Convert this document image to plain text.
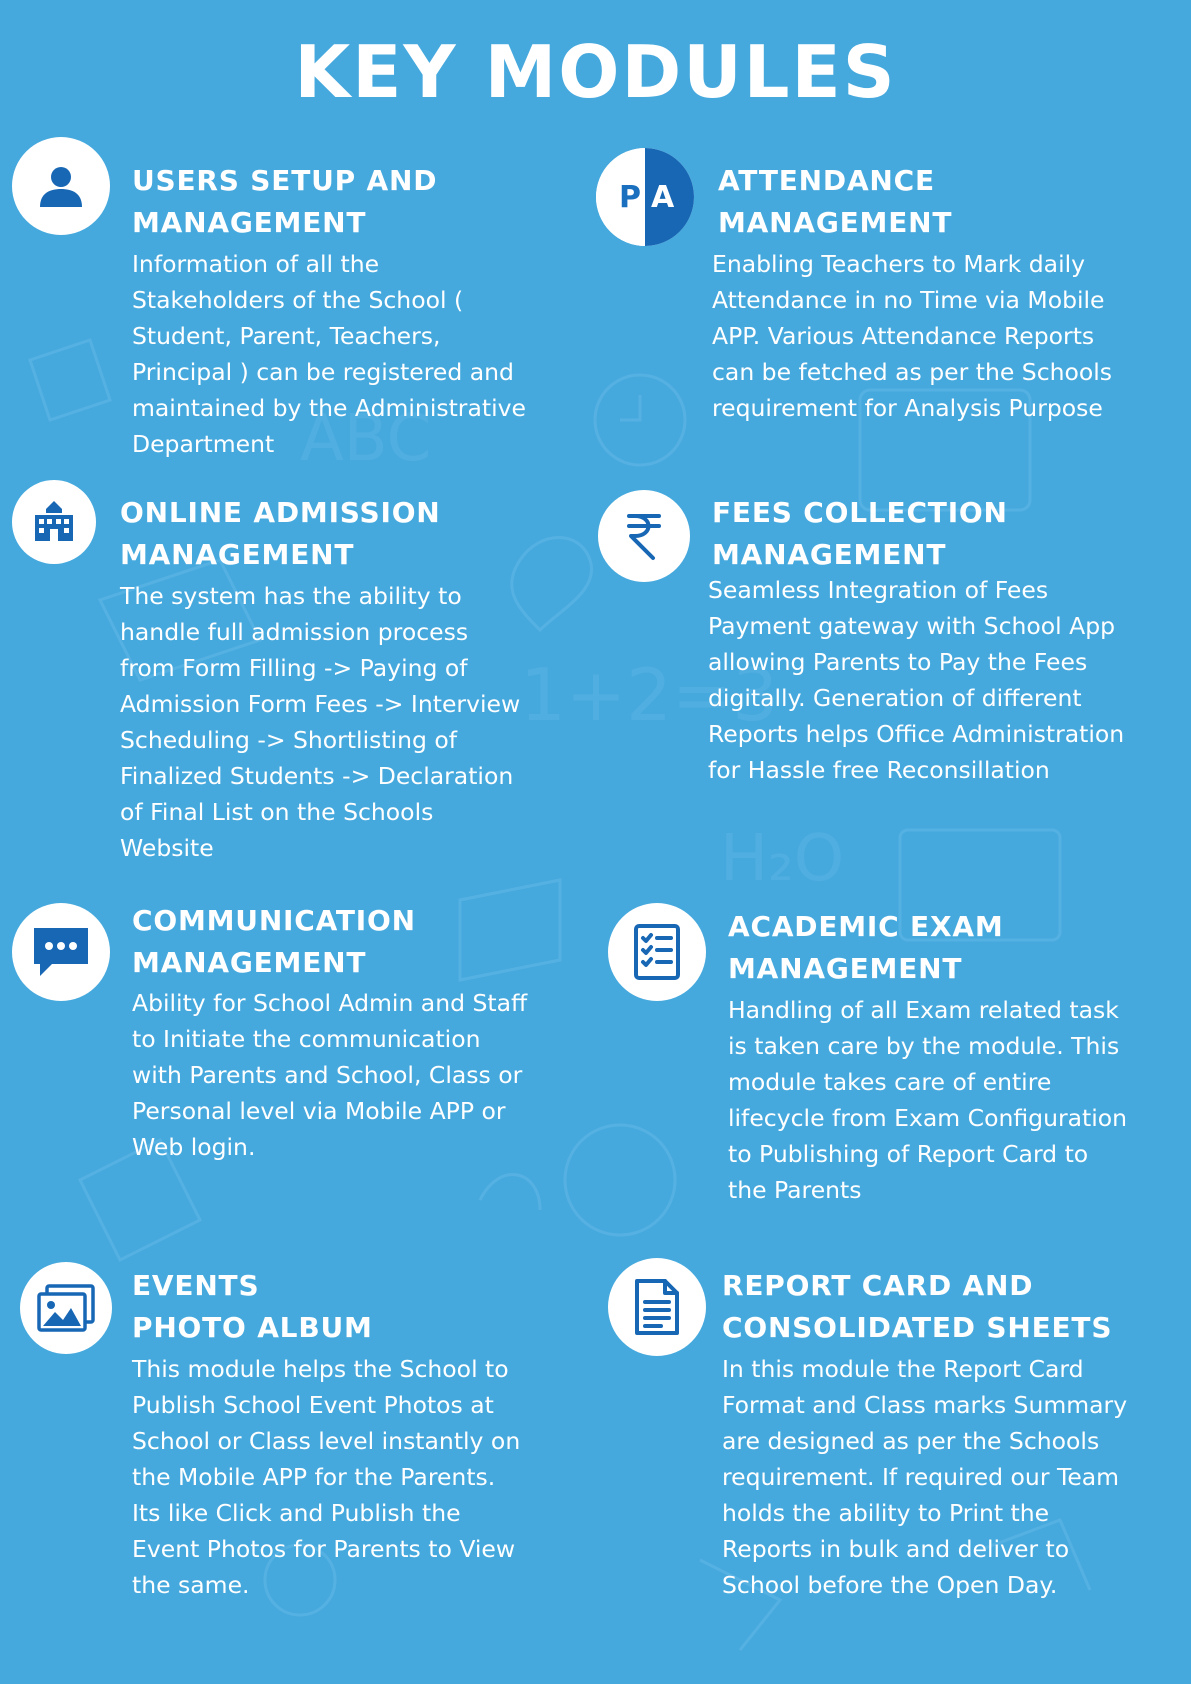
1+2=3
H₂O
ABC
KEY MODULES
USERS SETUP AND
MANAGEMENT

Information of all the
Stakeholders of the School (
Student, Parent, Teachers,
Principal ) can be registered and
maintained by the Administrative
Department

P A	ATTENDANCE
MANAGEMENT

Enabling Teachers to Mark daily
Attendance in no Time via Mobile
APP. Various Attendance Reports
can be fetched as per the Schools
requirement for Analysis Purpose

ONLINE ADMISSION
MANAGEMENT

The system has the ability to
handle full admission process
from Form Filling -> Paying of
Admission Form Fees -> Interview
Scheduling -> Shortlisting of
Finalized Students -> Declaration
of Final List on the Schools
Website

FEES COLLECTION
MANAGEMENT

Seamless Integration of Fees
Payment gateway with School App
allowing Parents to Pay the Fees
digitally. Generation of different
Reports helps Office Administration
for Hassle free Reconsillation

COMMUNICATION
MANAGEMENT

Ability for School Admin and Staff
to Initiate the communication
with Parents and School, Class or
Personal level via Mobile APP or
Web login.

ACADEMIC EXAM
MANAGEMENT

Handling of all Exam related task
is taken care by the module. This
module takes care of entire
lifecycle from Exam Configuration
to Publishing of Report Card to
the Parents

EVENTS
PHOTO ALBUM

This module helps the School to
Publish School Event Photos at
School or Class level instantly on
the Mobile APP for the Parents.
Its like Click and Publish the
Event Photos for Parents to View
the same.

REPORT CARD AND
CONSOLIDATED SHEETS

In this module the Report Card
Format and Class marks Summary
are designed as per the Schools
requirement. If required our Team
holds the ability to Print the
Reports in bulk and deliver to
School before the Open Day.
